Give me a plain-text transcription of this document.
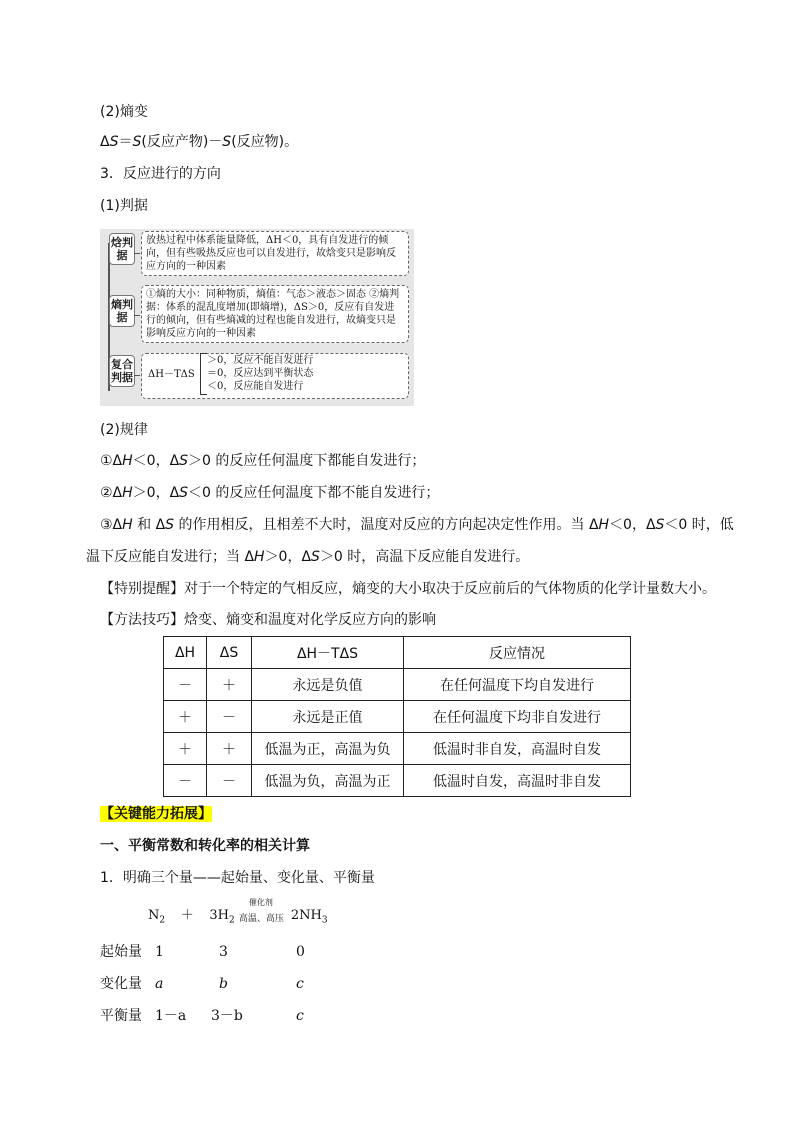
(2)熵变
ΔS＝S(反应产物)－S(反应物)。
3．反应进行的方向
(1)判据
焓判据
放热过程中体系能量降低，ΔH＜0，具有自发进行的倾向，但有些吸热反应也可以自发进行，故焓变只是影响反应方向的一种因素
熵判据
①熵的大小：同种物质，熵值：气态＞液态＞固态 ②熵判据：体系的混乱度增加(即熵增)，ΔS＞0，反应有自发进行的倾向，但有些熵减的过程也能自发进行，故熵变只是影响反应方向的一种因素
复合判据 ΔH－TΔS
＞0，反应不能自发进行
＝0，反应达到平衡状态
＜0，反应能自发进行
(2)规律
①ΔH＜0，ΔS＞0 的反应任何温度下都能自发进行；
②ΔH＞0，ΔS＜0 的反应任何温度下都不能自发进行；
③ΔH 和 ΔS 的作用相反，且相差不大时，温度对反应的方向起决定性作用。当 ΔH＜0，ΔS＜0 时，低
温下反应能自发进行；当 ΔH＞0，ΔS＞0 时，高温下反应能自发进行。
【特别提醒】对于一个特定的气相反应，熵变的大小取决于反应前后的气体物质的化学计量数大小。
【方法技巧】焓变、熵变和温度对化学反应方向的影响
ΔH	ΔS	ΔH－TΔS	反应情况
－	＋	永远是负值	在任何温度下均自发进行
＋	－	永远是正值	在任何温度下均非自发进行
＋	＋	低温为正，高温为负	低温时非自发，高温时自发
－	－	低温为负，高温为正	低温时自发，高温时非自发
【关键能力拓展】
一、平衡常数和转化率的相关计算
1．明确三个量——起始量、变化量、平衡量
$N_2 + 3H_2$
催化剂
高温、高压 $2NH_3$
起始量 1	3	0
变化量 a	b	c
平衡量 1－a 3－b	c
